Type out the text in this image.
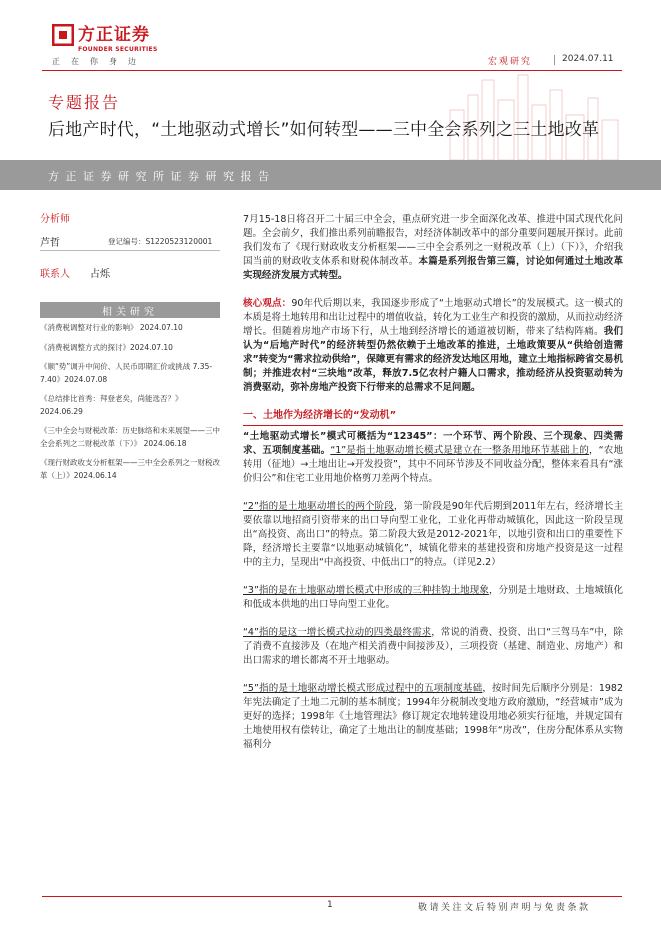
方正证券
FOUNDER SECURITIES
正在你身边	宏观研究	2024.07.11
专题报告
后地产时代，“土地驱动式增长”如何转型——三中全会系列之三土地改革
方正证券研究所证券研究报告
分析师
芦哲	登记编号：S1220523120001
联系人 占烁
相关研究
《消费税调整对行业的影响》 2024.07.10
《消费税调整方式的探讨》2024.07.10
《顺“势”调升中间价、人民币即期汇价或挑战 7.35-7.40》2024.07.08
《总结排比首秀：拜登老矣，尚能选否？》 2024.06.29
《三中全会与财税改革：历史脉络和未来展望——三中全会系列之二财税改革（下）》 2024.06.18
《现行财政收支分析框架——三中全会系列之一财税改革（上）》2024.06.14

7月15-18日将召开二十届三中全会，重点研究进一步全面深化改革、推进中国式现代化问题。全会前夕，我们推出系列前瞻报告，对经济体制改革中的部分重要问题展开探讨。此前我们发布了《现行财政收支分析框架——三中全会系列之一财税改革（上）（下）》，介绍我国当前的财政收支体系和财税体制改革。本篇是系列报告第三篇，讨论如何通过土地改革实现经济发展方式转型。

核心观点：90年代后期以来，我国逐步形成了“土地驱动式增长”的发展模式。这一模式的本质是将土地转用和出让过程中的增值收益，转化为工业生产和投资的激励，从而拉动经济增长。但随着房地产市场下行，从土地到经济增长的通道被切断，带来了结构阵痛。我们认为“后地产时代”的经济转型仍然依赖于土地改革的推进，土地政策要从“供给创造需求”转变为“需求拉动供给”，保障更有需求的经济发达地区用地，建立土地指标跨省交易机制；并推进农村“三块地”改革，释放7.5亿农村户籍人口需求，推动经济从投资驱动转为消费驱动，弥补房地产投资下行带来的总需求不足问题。

一、土地作为经济增长的“发动机”

“土地驱动式增长”模式可概括为“12345”：一个环节、两个阶段、三个现象、四类需求、五项制度基础。“1”是指土地驱动增长模式是建立在一整条用地环节基础上的，“农地转用（征地）→土地出让→开发投资”，其中不同环节涉及不同收益分配，整体来看具有“涨价归公”和住宅工业用地价格剪刀差两个特点。

“2”指的是土地驱动增长的两个阶段，第一阶段是90年代后期到2011年左右，经济增长主要依靠以地招商引资带来的出口导向型工业化，工业化再带动城镇化，因此这一阶段呈现出“高投资、高出口”的特点。第二阶段大致是2012-2021年，以地引资和出口的重要性下降，经济增长主要靠“以地驱动城镇化”，城镇化带来的基建投资和房地产投资是这一过程中的主力，呈现出“中高投资、中低出口”的特点。（详见2.2）

“3”指的是在土地驱动增长模式中形成的三种挂钩土地现象，分别是土地财政、土地城镇化和低成本供地的出口导向型工业化。

“4”指的是这一增长模式拉动的四类最终需求，常说的消费、投资、出口“三驾马车”中，除了消费不直接涉及（在地产相关消费中间接涉及），三项投资（基建、制造业、房地产）和出口需求的增长都离不开土地驱动。

“5”指的是土地驱动增长模式形成过程中的五项制度基础，按时间先后顺序分别是：1982年宪法确定了土地二元制的基本制度；1994年分税制改变地方政府激励，“经营城市”成为更好的选择；1998年《土地管理法》修订规定农地转建设用地必须实行征地，并规定国有土地使用权有偿转让，确定了土地出让的制度基础；1998年“房改”，住房分配体系从实物福利分

1	敬请关注文后特别声明与免责条款
